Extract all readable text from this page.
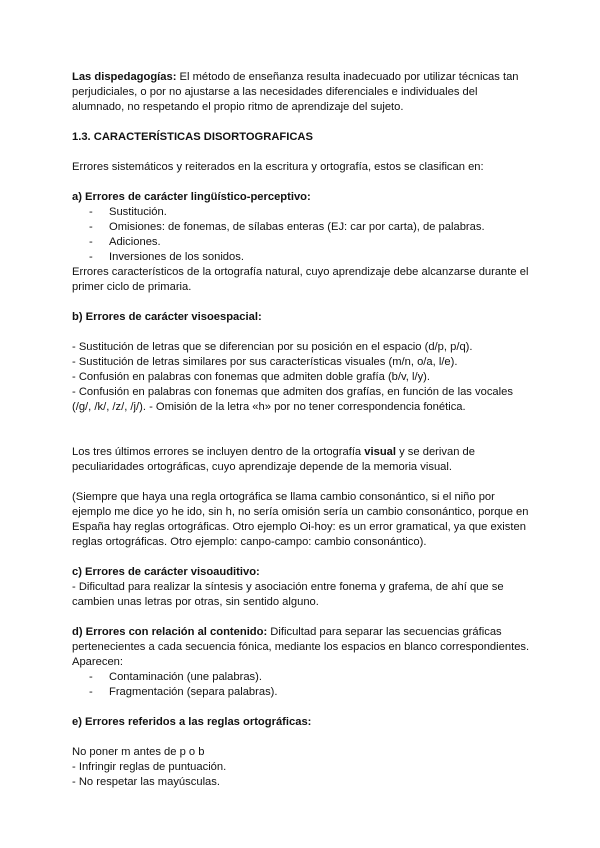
Las dispedagogías: El método de enseñanza resulta inadecuado por utilizar técnicas tan perjudiciales, o por no ajustarse a las necesidades diferenciales e individuales del alumnado, no respetando el propio ritmo de aprendizaje del sujeto.

1.3. CARACTERÍSTICAS DISORTOGRAFICAS

Errores sistemáticos y reiterados en la escritura y ortografía, estos se clasifican en:

a) Errores de carácter lingüístico-perceptivo:

- Sustitución.
- Omisiones: de fonemas, de sílabas enteras (EJ: car por carta), de palabras.
- Adiciones.
- Inversiones de los sonidos.

Errores característicos de la ortografía natural, cuyo aprendizaje debe alcanzarse durante el primer ciclo de primaria.

b) Errores de carácter visoespacial:

- Sustitución de letras que se diferencian por su posición en el espacio (d/p, p/q).

- Sustitución de letras similares por sus características visuales (m/n, o/a, l/e).

- Confusión en palabras con fonemas que admiten doble grafía (b/v, l/y).

- Confusión en palabras con fonemas que admiten dos grafías, en función de las vocales (/g/, /k/, /z/, /j/). - Omisión de la letra «h» por no tener correspondencia fonética.

Los tres últimos errores se incluyen dentro de la ortografía visual y se derivan de peculiaridades ortográficas, cuyo aprendizaje depende de la memoria visual.

(Siempre que haya una regla ortográfica se llama cambio consonántico, si el niño por ejemplo me dice yo he ido, sin h, no sería omisión sería un cambio consonántico, porque en España hay reglas ortográficas. Otro ejemplo Oi-hoy: es un error gramatical, ya que existen reglas ortográficas. Otro ejemplo: canpo-campo: cambio consonántico).

c) Errores de carácter visoauditivo:

- Dificultad para realizar la síntesis y asociación entre fonema y grafema, de ahí que se cambien unas letras por otras, sin sentido alguno.

d) Errores con relación al contenido: Dificultad para separar las secuencias gráficas pertenecientes a cada secuencia fónica, mediante los espacios en blanco correspondientes. Aparecen:

- Contaminación (une palabras).
- Fragmentación (separa palabras).

e) Errores referidos a las reglas ortográficas:

No poner m antes de p o b

- Infringir reglas de puntuación.

- No respetar las mayúsculas.
